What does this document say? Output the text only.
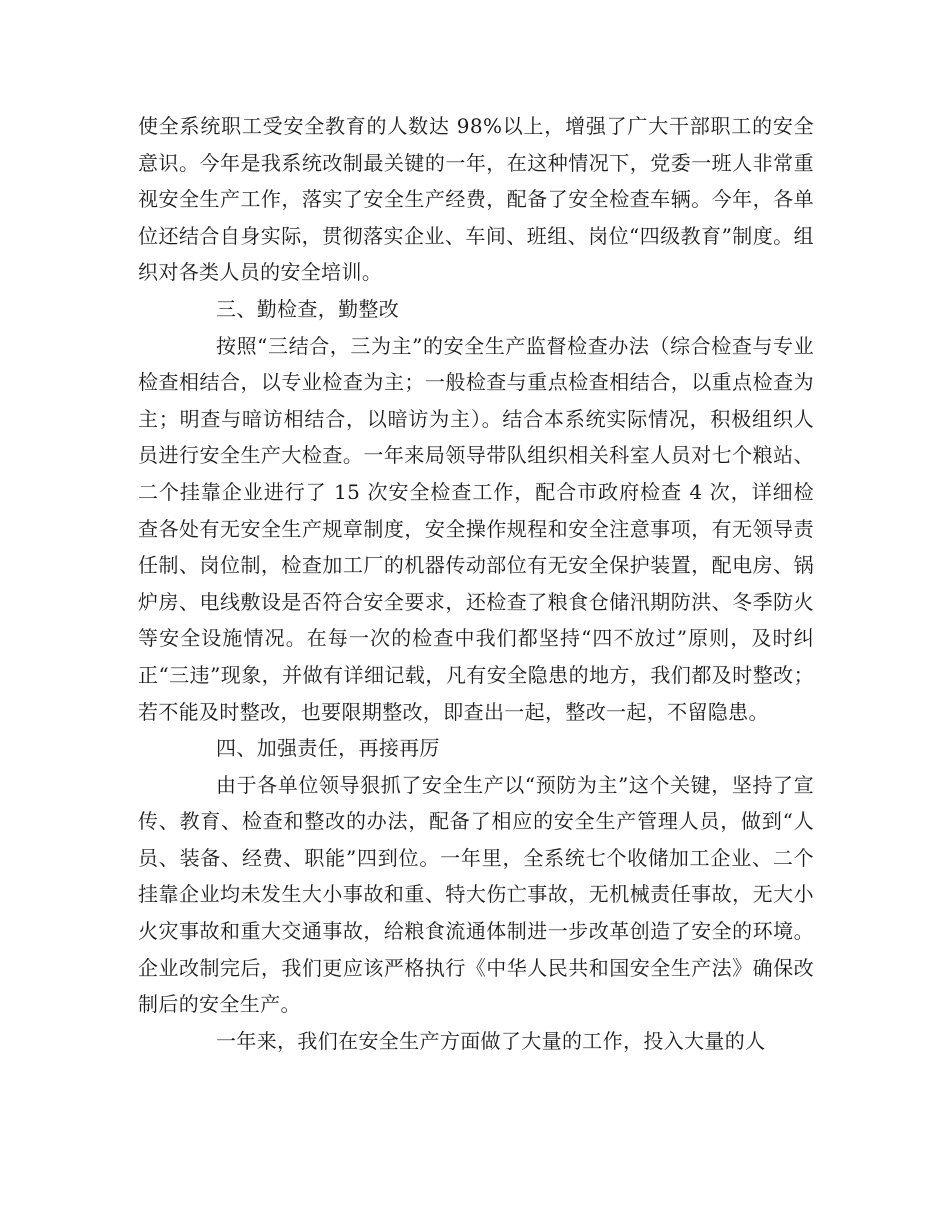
使全系统职工受安全教育的人数达 98%以上，增强了广大干部职工的安全意识。今年是我系统改制最关键的一年，在这种情况下，党委一班人非常重视安全生产工作，落实了安全生产经费，配备了安全检查车辆。今年，各单位还结合自身实际，贯彻落实企业、车间、班组、岗位“四级教育”制度。组织对各类人员的安全培训。

三、勤检查，勤整改

按照“三结合，三为主”的安全生产监督检查办法（综合检查与专业检查相结合，以专业检查为主；一般检查与重点检查相结合，以重点检查为主；明查与暗访相结合，以暗访为主）。结合本系统实际情况，积极组织人员进行安全生产大检查。一年来局领导带队组织相关科室人员对七个粮站、二个挂靠企业进行了 15 次安全检查工作，配合市政府检查 4 次，详细检查各处有无安全生产规章制度，安全操作规程和安全注意事项，有无领导责任制、岗位制，检查加工厂的机器传动部位有无安全保护装置，配电房、锅炉房、电线敷设是否符合安全要求，还检查了粮食仓储汛期防洪、冬季防火等安全设施情况。在每一次的检查中我们都坚持“四不放过”原则，及时纠正“三违”现象，并做有详细记载，凡有安全隐患的地方，我们都及时整改；若不能及时整改，也要限期整改，即查出一起，整改一起，不留隐患。

四、加强责任，再接再厉

由于各单位领导狠抓了安全生产以“预防为主”这个关键，坚持了宣传、教育、检查和整改的办法，配备了相应的安全生产管理人员，做到“人员、装备、经费、职能”四到位。一年里，全系统七个收储加工企业、二个挂靠企业均未发生大小事故和重、特大伤亡事故，无机械责任事故，无大小火灾事故和重大交通事故，给粮食流通体制进一步改革创造了安全的环境。企业改制完后，我们更应该严格执行《中华人民共和国安全生产法》确保改制后的安全生产。

一年来，我们在安全生产方面做了大量的工作，投入大量的人
